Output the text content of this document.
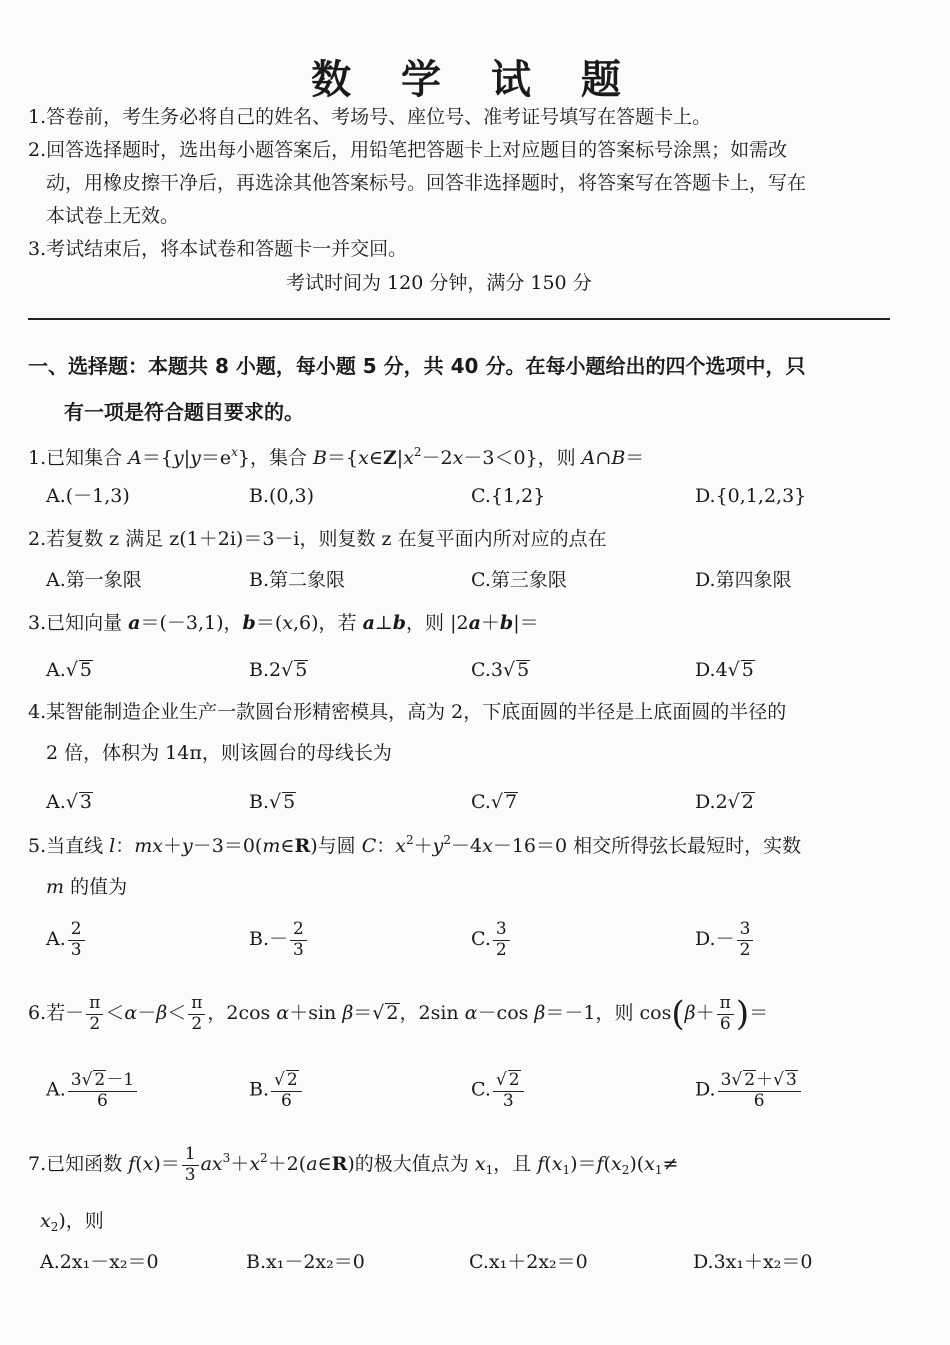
数 学 试 题
1.答卷前，考生务必将自己的姓名、考场号、座位号、准考证号填写在答题卡上。
2.回答选择题时，选出每小题答案后，用铅笔把答题卡上对应题目的答案标号涂黑；如需改
动，用橡皮擦干净后，再选涂其他答案标号。回答非选择题时，将答案写在答题卡上，写在
本试卷上无效。
3.考试结束后，将本试卷和答题卡一并交回。
考试时间为 120 分钟，满分 150 分
一、选择题：本题共 8 小题，每小题 5 分，共 40 分。在每小题给出的四个选项中，只
有一项是符合题目要求的。
1.已知集合 $A=\{y|y=e^x\}$，集合 $B=\{x\in Z|x^2-2x-3<0\}$，则 A∩B＝
A.(－1,3)	B.(0,3)	C.{1,2}	D.{0,1,2,3}
2.若复数 z 满足 z(1＋2i)＝3－i，则复数 z 在复平面内所对应的点在
A.第一象限	B.第二象限	C.第三象限	D.第四象限
3.已知向量 a＝(－3,1)，b＝(x,6)，若 a⊥b，则 |2a＋b|＝
A.√ 5	B.2√ 5	C.3√ 5	D.4√ 5
4.某智能制造企业生产一款圆台形精密模具，高为 2，下底面圆的半径是上底面圆的半径的
2 倍，体积为 14π，则该圆台的母线长为
A.√ 3	B.√ 5	C.√ 7	D.2√ 2
5.当直线 l：mx＋y－3＝0(m∈R)与圆 C：$x^2+y^2-4x-16=0$ 相交所得弦长最短时，实数
m 的值为
A. $\frac{2}{3}$	$B.- \frac{2}{3}$	C. $\frac{3}{2}$	$D.- \frac{3}{2}$
6.若－ $\frac{\pi}{2} <\alpha-\beta< \frac{\pi}{2}$ ，2cos α＋sin β＝√ 2，2sin α－cos β＝－1，则 $\cos(\beta+ \frac{\pi}{6}$ )＝
A. $\frac{3√ 2-1}{6}$	B. $\frac{√ 2}{6}$	C. $\frac{√ 2}{3}$	D. $\frac{3√ 2+√ 3}{6}$
7.已知函数 $f(x)= \frac{1}{3}$ $ax^3+x^2+2(a\in R)$的极大值点为 $x_1$，且 $f(x_1)=f(x_2)(x_1\ne$
$x_2$)，则
A.2x₁－x₂＝0	B.x₁－2x₂＝0	C.x₁＋2x₂＝0	D.3x₁＋x₂＝0
